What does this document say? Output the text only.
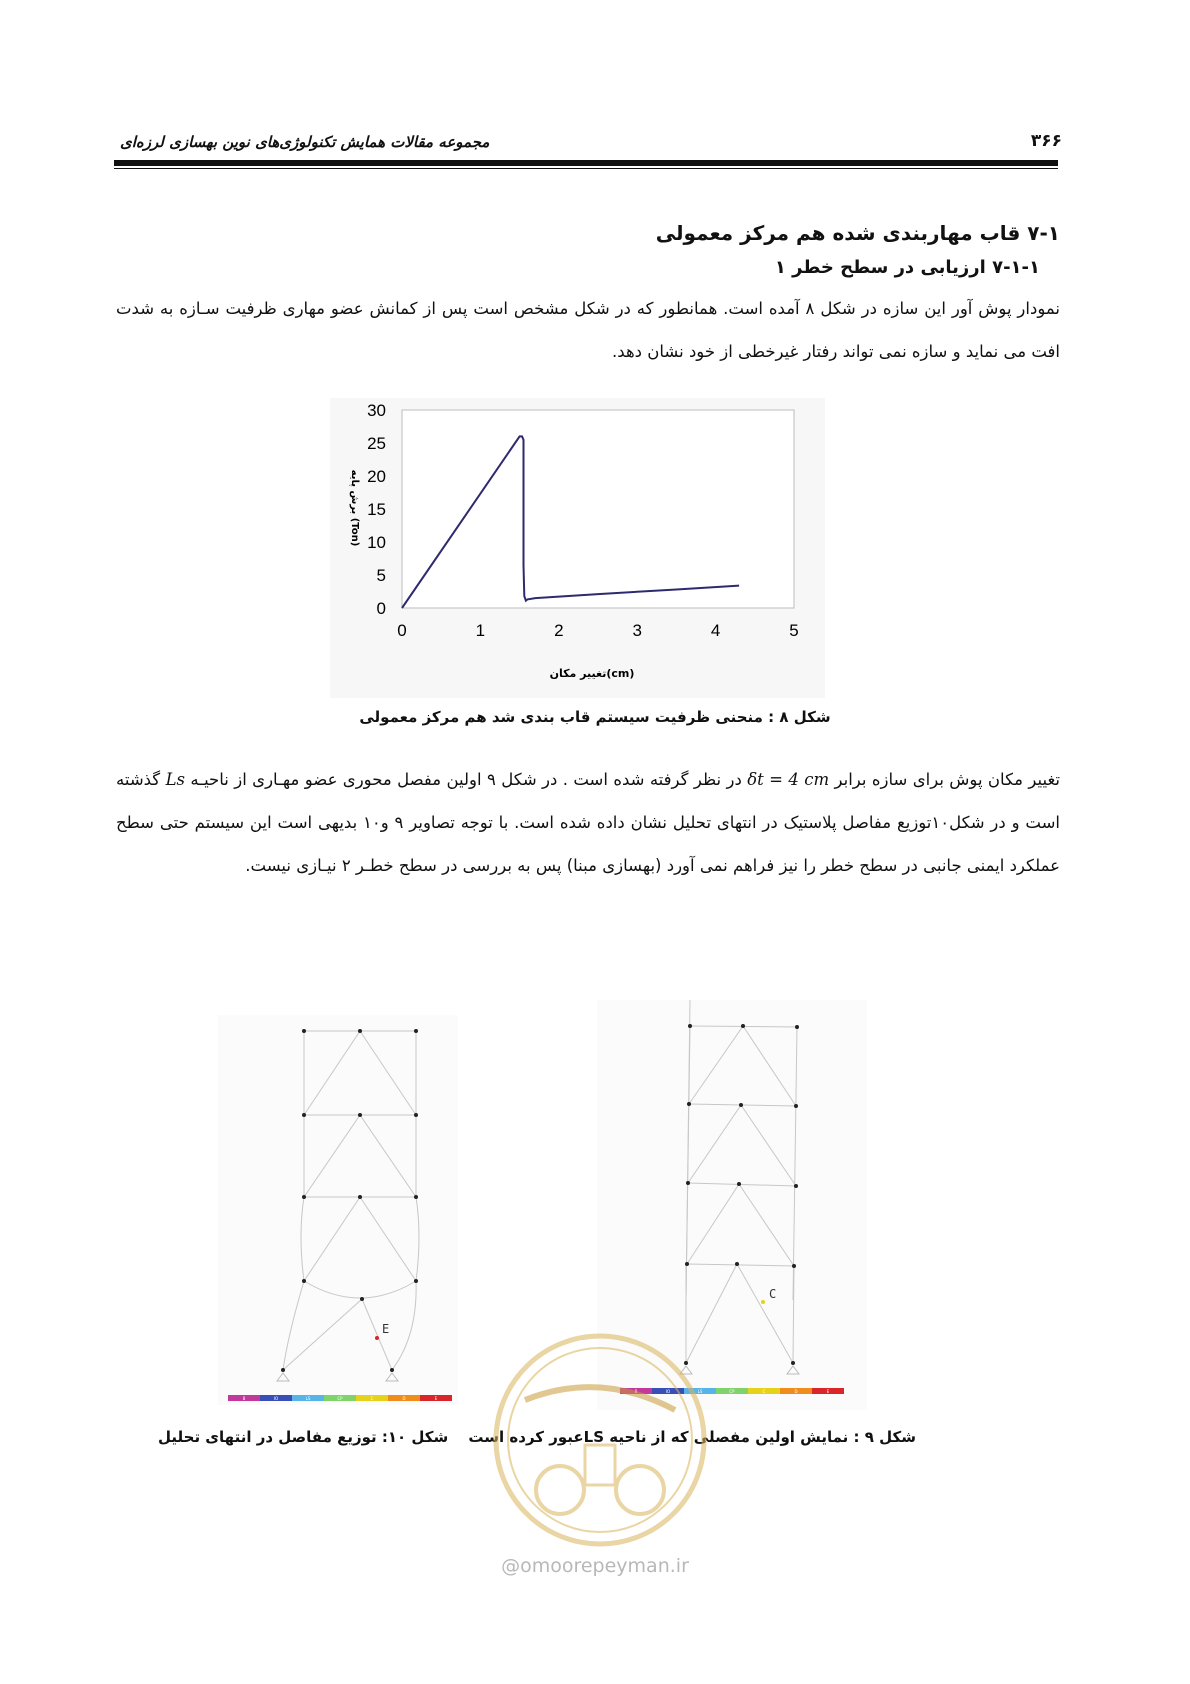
مجموعه مقالات همایش تکنولوژی‌های نوین بهسازی لرزه‌ای	۳۶۶
۷-۱ قاب مهاربندی شده هم مرکز معمولی
۷-۱-۱ ارزیابی در سطح خطر ۱
نمودار پوش آور این سازه در شکل ۸ آمده است. همانطور که در شکل مشخص است پس از کمانش عضو مهاری ظرفیت سـازه به شدت افت می نماید و سازه نمی تواند رفتار غیرخطی از خود نشان دهد.
0	1	2	3	4	5
0
5
10
15
20
25
30
تغییر مکان(cm)
برش پایه (Ton)
شکل ۸ : منحنی ظرفیت سیستم قاب بندی شد هم مرکز معمولی
تغییر مکان پوش برای سازه برابر δt = 4 cm در نظر گرفته شده است . در شکل ۹ اولین مفصل محوری عضو مهـاری از ناحیـه Ls گذشته است و در شکل۱۰توزیع مفاصل پلاستیک در انتهای تحلیل نشان داده شده است. با توجه تصاویر ۹ و۱۰ بدیهی است این سیستم حتی سطح عملکرد ایمنی جانبی در سطح خطر را نیز فراهم نمی آورد (بهسازی مبنا) پس به بررسی در سطح خطـر ۲ نیـازی نیست.
C
B	IO	LS	CP	C	D	E
شکل ۹ : نمایش اولین مفصلی که از ناحیه LSعبور کرده است
E
B	IO	LS	CP	C	D	E
شکل ۱۰: توزیع مفاصل در انتهای تحلیل
@omoorepeyman.ir
